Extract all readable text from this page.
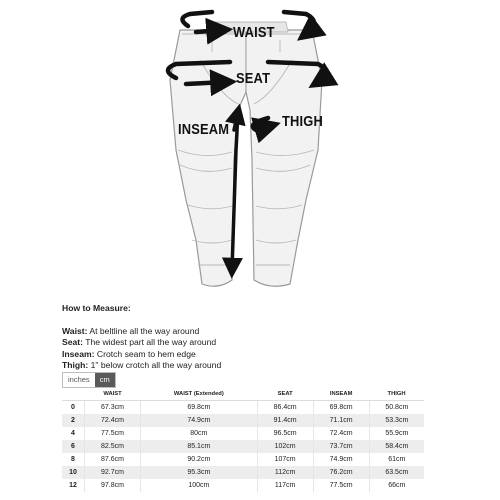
WAIST
SEAT
THIGH
INSEAM
How to Measure:
Waist: At beltline all the way around
Seat: The widest part all the way around
Inseam: Crotch seam to hem edge
Thigh: 1" below crotch all the way around
inches	cm
	WAIST	WAIST (Extended)	SEAT	INSEAM	THIGH
0	67.3cm	69.8cm	86.4cm	69.8cm	50.8cm
2	72.4cm	74.9cm	91.4cm	71.1cm	53.3cm
4	77.5cm	80cm	96.5cm	72.4cm	55.9cm
6	82.5cm	85.1cm	102cm	73.7cm	58.4cm
8	87.6cm	90.2cm	107cm	74.9cm	61cm
10	92.7cm	95.3cm	112cm	76.2cm	63.5cm
12	97.8cm	100cm	117cm	77.5cm	66cm
